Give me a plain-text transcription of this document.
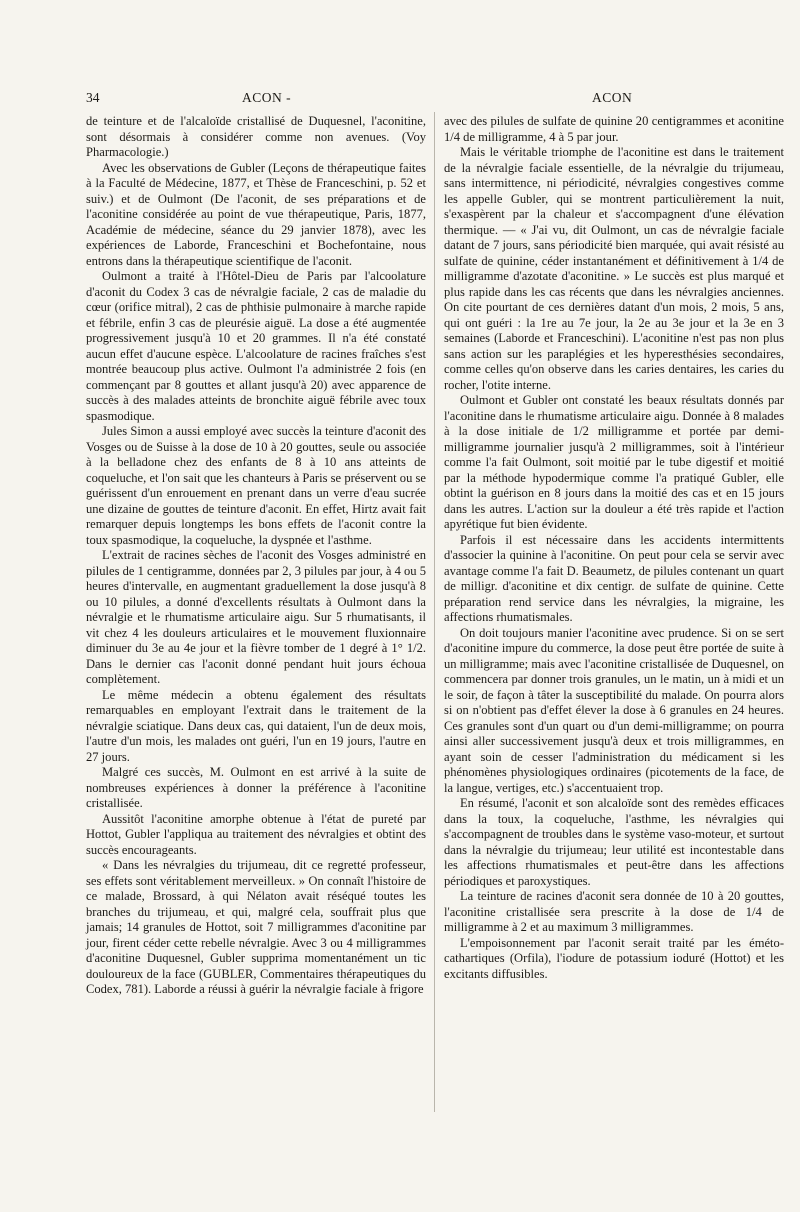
34	ACON -	ACON

de teinture et de l'alcaloïde cristallisé de Duquesnel, l'aconitine, sont désormais à considérer comme non avenues. (Voy Pharmacologie.)

Avec les observations de Gubler (Leçons de thérapeutique faites à la Faculté de Médecine, 1877, et Thèse de Franceschini, p. 52 et suiv.) et de Oulmont (De l'aconit, de ses préparations et de l'aconitine considérée au point de vue thérapeutique, Paris, 1877, Académie de médecine, séance du 29 janvier 1878), avec les expériences de Laborde, Franceschini et Bochefontaine, nous entrons dans la thérapeutique scientifique de l'aconit.

Oulmont a traité à l'Hôtel-Dieu de Paris par l'alcoolature d'aconit du Codex 3 cas de névralgie faciale, 2 cas de maladie du cœur (orifice mitral), 2 cas de phthisie pulmonaire à marche rapide et fébrile, enfin 3 cas de pleurésie aiguë. La dose a été augmentée progressivement jusqu'à 10 et 20 grammes. Il n'a été constaté aucun effet d'aucune espèce. L'alcoolature de racines fraîches s'est montrée beaucoup plus active. Oulmont l'a administrée 2 fois (en commençant par 8 gouttes et allant jusqu'à 20) avec apparence de succès à des malades atteints de bronchite aiguë fébrile avec toux spasmodique.

Jules Simon a aussi employé avec succès la teinture d'aconit des Vosges ou de Suisse à la dose de 10 à 20 gouttes, seule ou associée à la belladone chez des enfants de 8 à 10 ans atteints de coqueluche, et l'on sait que les chanteurs à Paris se préservent ou se guérissent d'un enrouement en prenant dans un verre d'eau sucrée une dizaine de gouttes de teinture d'aconit. En effet, Hirtz avait fait remarquer depuis longtemps les bons effets de l'aconit contre la toux spasmodique, la coqueluche, la dyspnée et l'asthme.

L'extrait de racines sèches de l'aconit des Vosges administré en pilules de 1 centigramme, données par 2, 3 pilules par jour, à 4 ou 5 heures d'intervalle, en augmentant graduellement la dose jusqu'à 8 ou 10 pilules, a donné d'excellents résultats à Oulmont dans la névralgie et le rhumatisme articulaire aigu. Sur 5 rhumatisants, il vit chez 4 les douleurs articulaires et le mouvement fluxionnaire diminuer du 3e au 4e jour et la fièvre tomber de 1 degré à 1° 1/2. Dans le dernier cas l'aconit donné pendant huit jours échoua complètement.

Le même médecin a obtenu également des résultats remarquables en employant l'extrait dans le traitement de la névralgie sciatique. Dans deux cas, qui dataient, l'un de deux mois, l'autre d'un mois, les malades ont guéri, l'un en 19 jours, l'autre en 27 jours.

Malgré ces succès, M. Oulmont en est arrivé à la suite de nombreuses expériences à donner la préférence à l'aconitine cristallisée.

Aussitôt l'aconitine amorphe obtenue à l'état de pureté par Hottot, Gubler l'appliqua au traitement des névralgies et obtint des succès encourageants.

« Dans les névralgies du trijumeau, dit ce regretté professeur, ses effets sont véritablement merveilleux. » On connaît l'histoire de ce malade, Brossard, à qui Nélaton avait réséqué toutes les branches du trijumeau, et qui, malgré cela, souffrait plus que jamais; 14 granules de Hottot, soit 7 milligrammes d'aconitine par jour, firent céder cette rebelle névralgie. Avec 3 ou 4 milligrammes d'aconitine Duquesnel, Gubler supprima momentanément un tic douloureux de la face (GUBLER, Commentaires thérapeutiques du Codex, 781). Laborde a réussi à guérir la névralgie faciale à frigore

avec des pilules de sulfate de quinine 20 centigrammes et aconitine 1/4 de milligramme, 4 à 5 par jour.

Mais le véritable triomphe de l'aconitine est dans le traitement de la névralgie faciale essentielle, de la névralgie du trijumeau, sans intermittence, ni périodicité, névralgies congestives comme les appelle Gubler, qui se montrent particulièrement la nuit, s'exaspèrent par la chaleur et s'accompagnent d'une élévation thermique. — « J'ai vu, dit Oulmont, un cas de névralgie faciale datant de 7 jours, sans périodicité bien marquée, qui avait résisté au sulfate de quinine, céder instantanément et définitivement à 1/4 de milligramme d'azotate d'aconitine. » Le succès est plus marqué et plus rapide dans les cas récents que dans les névralgies anciennes. On cite pourtant de ces dernières datant d'un mois, 2 mois, 5 ans, qui ont guéri : la 1re au 7e jour, la 2e au 3e jour et la 3e en 3 semaines (Laborde et Franceschini). L'aconitine n'est pas non plus sans action sur les paraplégies et les hyperesthésies secondaires, comme celles qu'on observe dans les caries dentaires, les caries du rocher, l'otite interne.

Oulmont et Gubler ont constaté les beaux résultats donnés par l'aconitine dans le rhumatisme articulaire aigu. Donnée à 8 malades à la dose initiale de 1/2 milligramme et portée par demi-milligramme journalier jusqu'à 2 milligrammes, soit à l'intérieur comme l'a fait Oulmont, soit moitié par le tube digestif et moitié par la méthode hypodermique comme l'a pratiqué Gubler, elle obtint la guérison en 8 jours dans la moitié des cas et en 15 jours dans les autres. L'action sur la douleur a été très rapide et l'action apyrétique fut bien évidente.

Parfois il est nécessaire dans les accidents intermittents d'associer la quinine à l'aconitine. On peut pour cela se servir avec avantage comme l'a fait D. Beaumetz, de pilules contenant un quart de milligr. d'aconitine et dix centigr. de sulfate de quinine. Cette préparation rend service dans les névralgies, la migraine, les affections rhumatismales.

On doit toujours manier l'aconitine avec prudence. Si on se sert d'aconitine impure du commerce, la dose peut être portée de suite à un milligramme; mais avec l'aconitine cristallisée de Duquesnel, on commencera par donner trois granules, un le matin, un à midi et un le soir, de façon à tâter la susceptibilité du malade. On pourra alors si on n'obtient pas d'effet élever la dose à 6 granules en 24 heures. Ces granules sont d'un quart ou d'un demi-milligramme; on pourra ainsi aller successivement jusqu'à deux et trois milligrammes, en ayant soin de cesser l'administration du médicament si les phénomènes physiologiques ordinaires (picotements de la face, de la langue, vertiges, etc.) s'accentuaient trop.

En résumé, l'aconit et son alcaloïde sont des remèdes efficaces dans la toux, la coqueluche, l'asthme, les névralgies qui s'accompagnent de troubles dans le système vaso-moteur, et surtout dans la névralgie du trijumeau; leur utilité est incontestable dans les affections rhumatismales et peut-être dans les affections périodiques et paroxystiques.

La teinture de racines d'aconit sera donnée de 10 à 20 gouttes, l'aconitine cristallisée sera prescrite à la dose de 1/4 de milligramme à 2 et au maximum 3 milligrammes.

L'empoisonnement par l'aconit serait traité par les éméto-cathartiques (Orfila), l'iodure de potassium ioduré (Hottot) et les excitants diffusibles.
